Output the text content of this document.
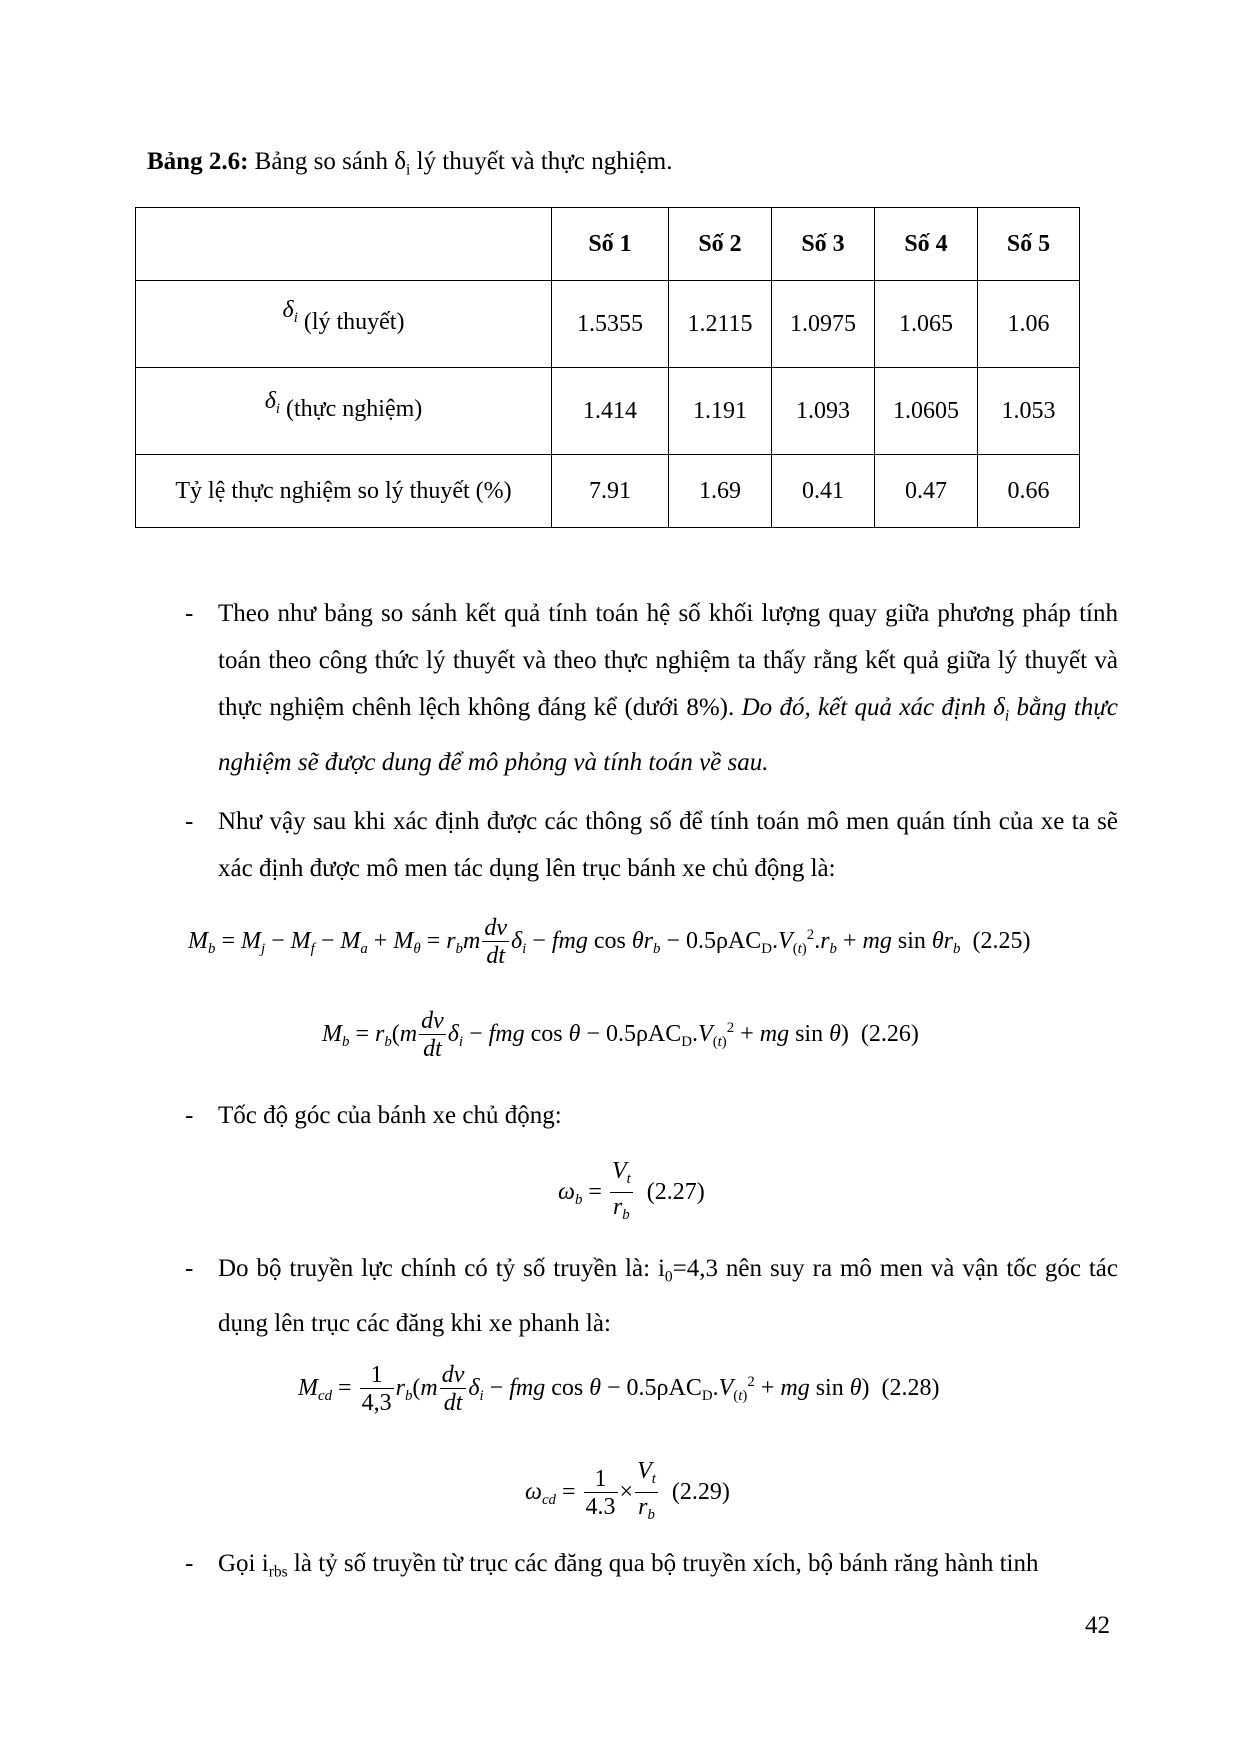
Bảng 2.6: Bảng so sánh $\delta_i$ lý thuyết và thực nghiệm.
	Số 1	Số 2	Số 3	Số 4	Số 5
$\delta_i$ (lý thuyết)	1.5355	1.2115	1.0975	1.065	1.06
$\delta_i$ (thực nghiệm)	1.414	1.191	1.093	1.0605	1.053
Tỷ lệ thực nghiệm so lý thuyết (%)	7.91	1.69	0.41	0.47	0.66
- Theo như bảng so sánh kết quả tính toán hệ số khối lượng quay giữa phương pháp tính toán theo công thức lý thuyết và theo thực nghiệm ta thấy rằng kết quả giữa lý thuyết và thực nghiệm chênh lệch không đáng kể (dưới 8%). Do đó, kết quả xác định $\delta_i$ bằng thực nghiệm sẽ được dung để mô phỏng và tính toán về sau.
- Như vậy sau khi xác định được các thông số để tính toán mô men quán tính của xe ta sẽ xác định được mô men tác dụng lên trục bánh xe chủ động là:
$M_b = M_j - M_f - M_a + M_\theta = r_bm \frac{dv}{dt} \delta_i$ − fmg $\cos \theta r_b - 0.5\rho AC_D.V_{(t)}^2.r_b$ + mg $\sin \theta r_b$ (2.25)
$M_b = r_b(m \frac{dv}{dt} \delta_i$ − fmg $\cos \theta - 0.5\rho AC_D.V_{(t)}^2$ + mg sin θ)  (2.26)
- Tốc độ góc của bánh xe chủ động:
$\omega_b = \frac{V_t}{r_b} (2.27)$
- Do bộ truyền lực chính có tỷ số truyền là: $i_0=4,3$ nên suy ra mô men và vận tốc góc tác dụng lên trục các đăng khi xe phanh là:
$M_{cd} = \frac{1}{4,3} r_b(m \frac{dv}{dt} \delta_i$ − fmg $\cos \theta - 0.5\rho AC_D.V_{(t)}^2$ + mg sin θ)  (2.28)
$\omega_{cd} = \frac{1}{4.3} \times \frac{V_t}{r_b} (2.29)$
- Gọi $i_{rbs}$ là tỷ số truyền từ trục các đăng qua bộ truyền xích, bộ bánh răng hành tinh
42
